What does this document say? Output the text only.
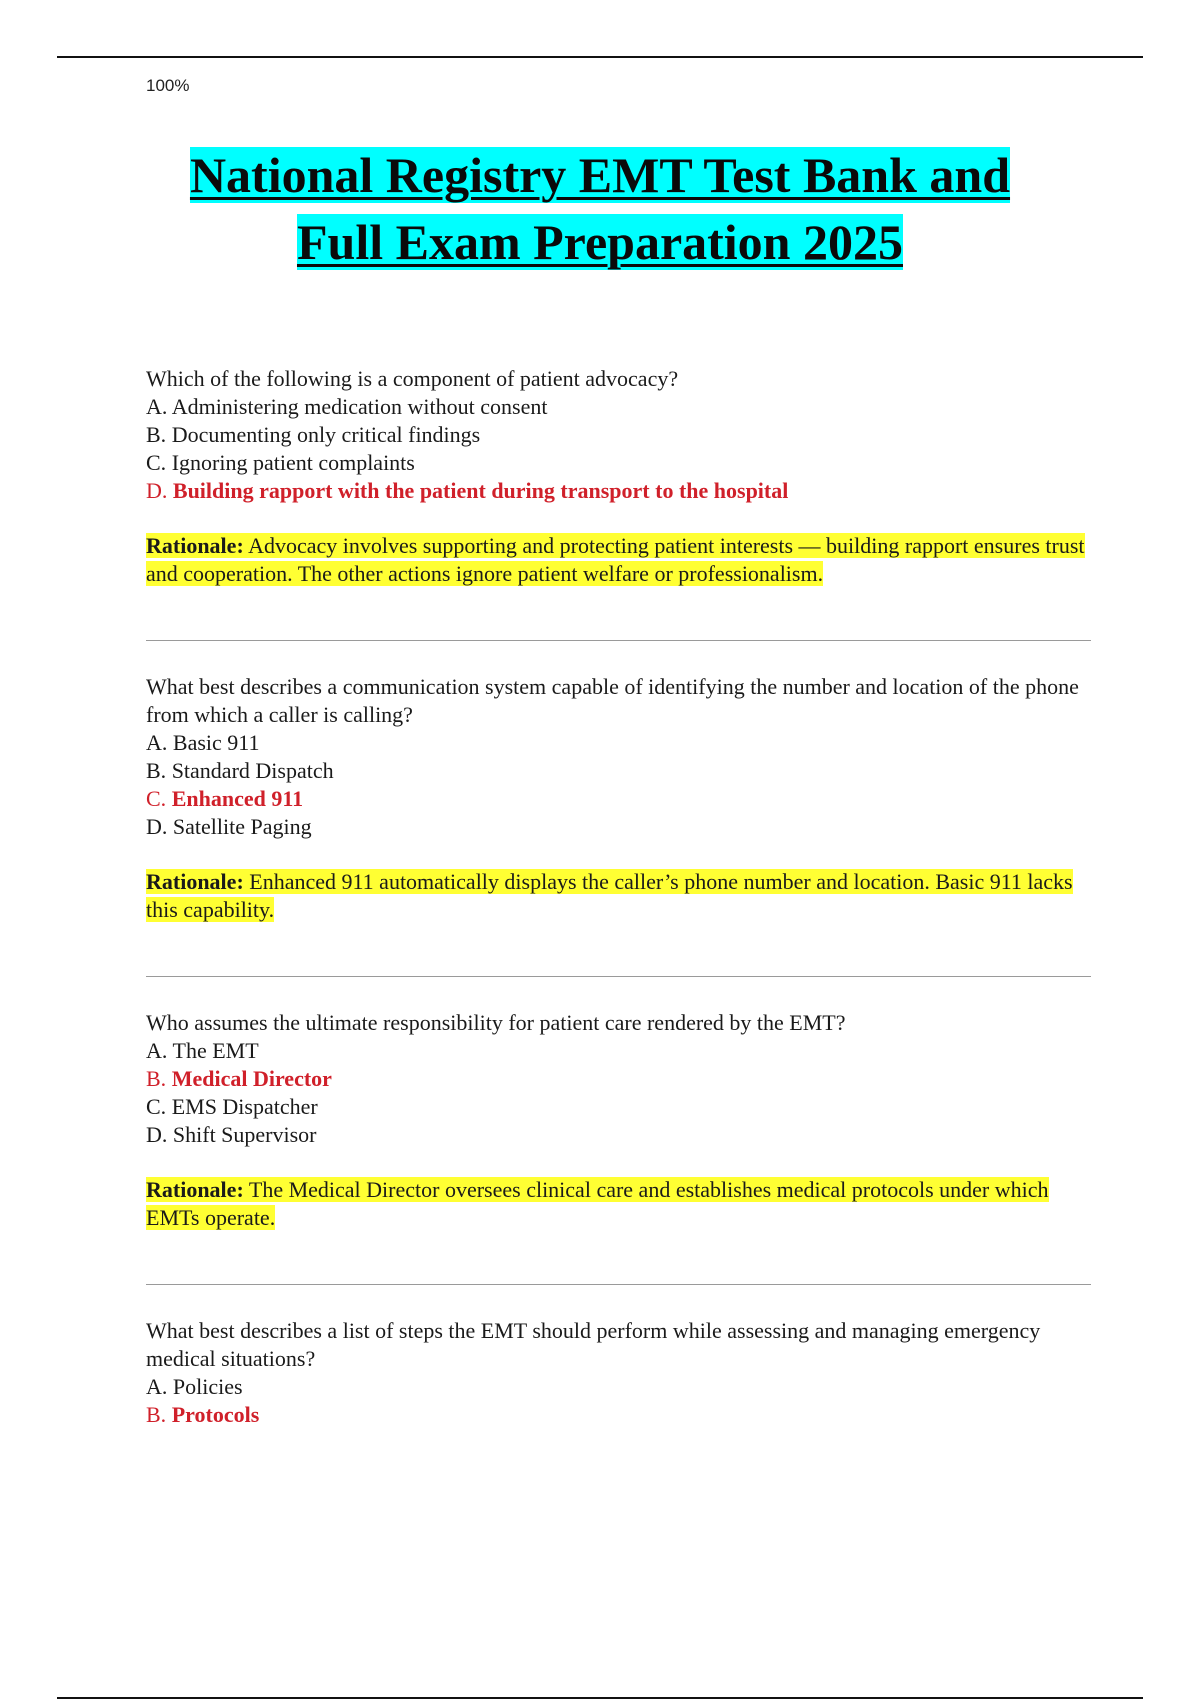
100%
National Registry EMT Test Bank and
Full Exam Preparation 2025

Which of the following is a component of patient advocacy?

A. Administering medication without consent

B. Documenting only critical findings

C. Ignoring patient complaints

D. Building rapport with the patient during transport to the hospital

Rationale: Advocacy involves supporting and protecting patient interests — building rapport ensures trust and cooperation. The other actions ignore patient welfare or professionalism.

What best describes a communication system capable of identifying the number and location of the phone from which a caller is calling?

A. Basic 911

B. Standard Dispatch

C. Enhanced 911

D. Satellite Paging

Rationale: Enhanced 911 automatically displays the caller’s phone number and location. Basic 911 lacks this capability.

Who assumes the ultimate responsibility for patient care rendered by the EMT?

A. The EMT

B. Medical Director

C. EMS Dispatcher

D. Shift Supervisor

Rationale: The Medical Director oversees clinical care and establishes medical protocols under which EMTs operate.

What best describes a list of steps the EMT should perform while assessing and managing emergency medical situations?

A. Policies

B. Protocols
